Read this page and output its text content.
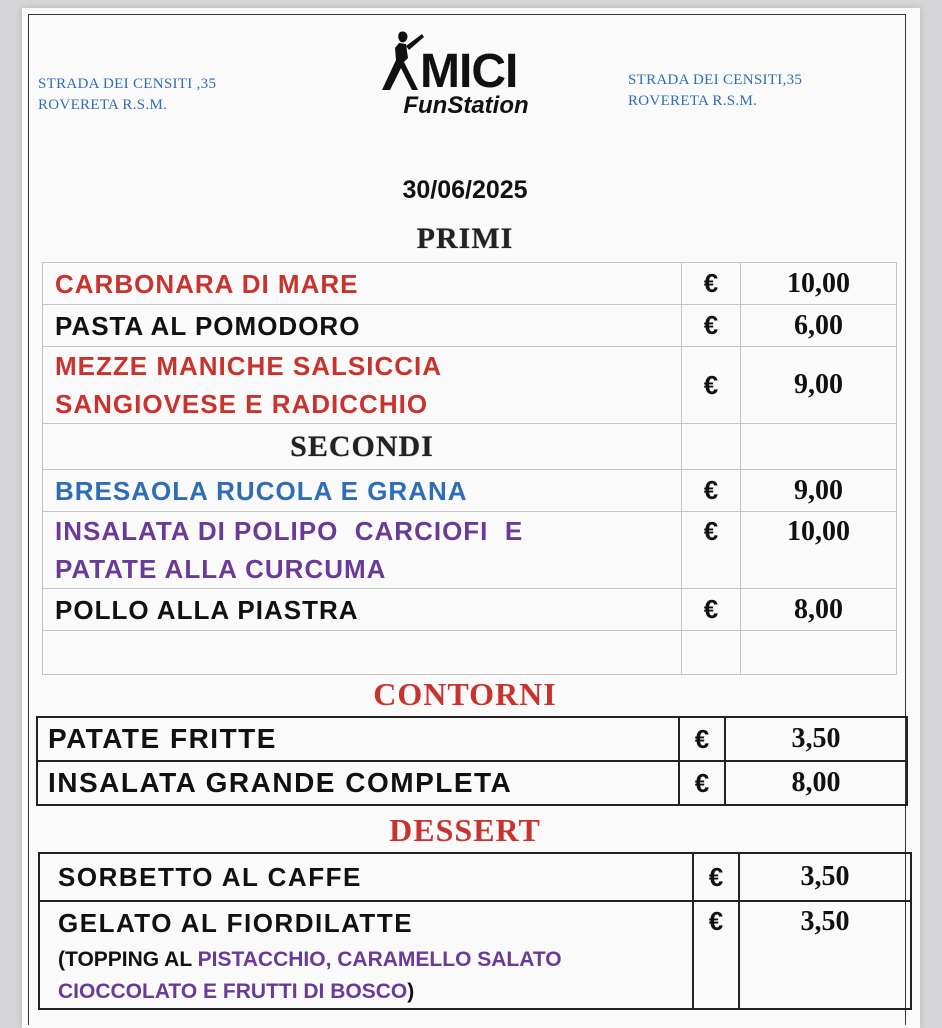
STRADA DEI CENSITI ,35
ROVERETA R.S.M.
MICI
FunStation
STRADA DEI CENSITI,35
ROVERETA R.S.M.
30/06/2025
PRIMI
CARBONARA DI MARE	€	10,00

PASTA AL POMODORO	€	6,00

MEZZE MANICHE SALSICCIA
SANGIOVESE E RADICCHIO	€	9,00
SECONDI		

BRESAOLA RUCOLA E GRANA	€	9,00

INSALATA DI POLIPO  CARCIOFI  E
PATATE ALLA CURCUMA	€	10,00

POLLO ALLA PIASTRA	€	8,00

CONTORNI
PATATE FRITTE	€	3,50

INSALATA GRANDE COMPLETA	€	8,00
DESSERT
SORBETTO AL CAFFE	€	3,50

GELATO AL FIORDILATTE
(TOPPING AL PISTACCHIO, CARAMELLO SALATO
CIOCCOLATO E FRUTTI DI BOSCO)	€	3,50
